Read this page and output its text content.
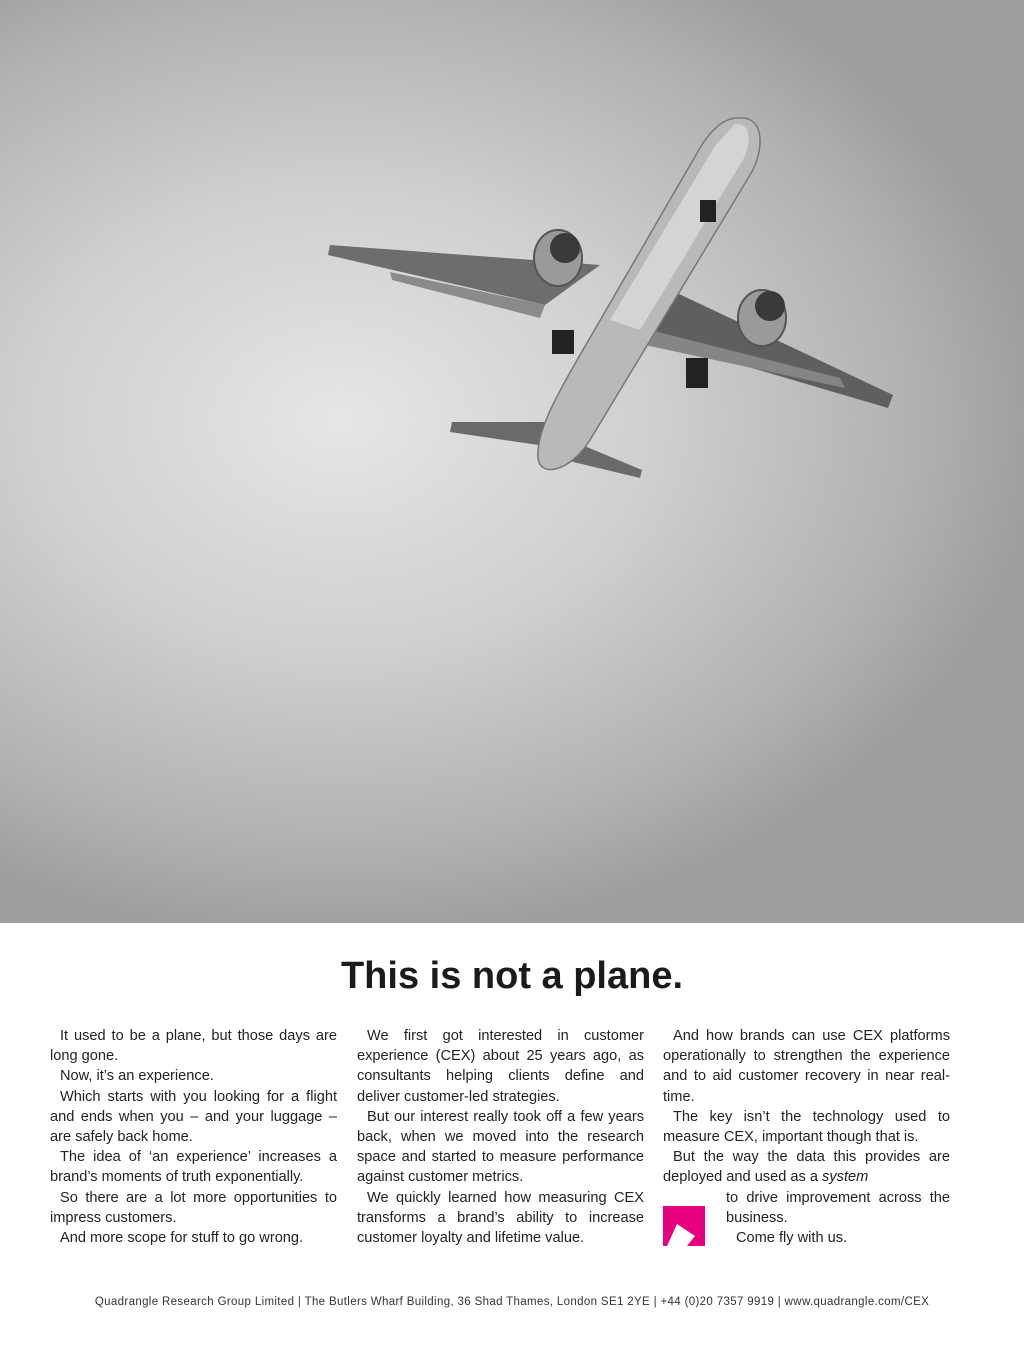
This is not a plane.

It used to be a plane, but those days are long gone.

Now, it’s an experience.

Which starts with you looking for a flight and ends when you – and your luggage – are safely back home.

The idea of ‘an experience’ increases a brand’s moments of truth exponentially.

So there are a lot more opportunities to impress customers.

And more scope for stuff to go wrong.

We first got interested in customer experience (CEX) about 25 years ago, as consultants helping clients define and deliver customer-led strategies.

But our interest really took off a few years back, when we moved into the research space and started to measure performance against customer metrics.

We quickly learned how measuring CEX transforms a brand’s ability to increase customer loyalty and lifetime value.

And how brands can use CEX platforms operationally to strengthen the experience and to aid customer recovery in near real-time.

The key isn’t the technology used to measure CEX, important though that is.

But the way the data this provides are deployed and used as a system

to drive improvement across the business.

Come fly with us.

Quadrangle Research Group Limited | The Butlers Wharf Building, 36 Shad Thames, London SE1 2YE | +44 (0)20 7357 9919 | www.quadrangle.com/CEX
